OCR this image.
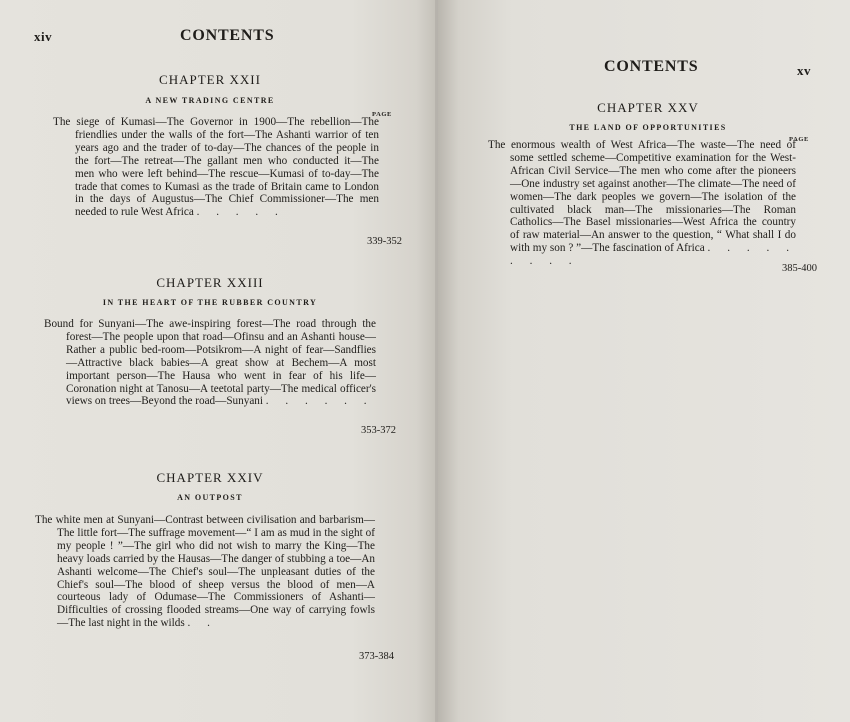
xiv	CONTENTS
CHAPTER XXII
A NEW TRADING CENTRE
PAGE
The siege of Kumasi—The Governor in 1900—The rebellion—The friendlies under the walls of the fort—The Ashanti warrior of ten years ago and the trader of to-day—The chances of the people in the fort—The retreat—The gallant men who conducted it—The men who were left behind—The rescue—Kumasi of to-day—The trade that comes to Kumasi as the trade of Britain came to London in the days of Augustus—The Chief Commissioner—The men needed to rule West Africa . . . . .
339-352
CHAPTER XXIII
IN THE HEART OF THE RUBBER COUNTRY
Bound for Sunyani—The awe-inspiring forest—The road through the forest—The people upon that road—Ofinsu and an Ashanti house—Rather a public bed-room—Potsikrom—A night of fear—Sandflies—Attractive black babies—A great show at Bechem—A most important person—The Hausa who went in fear of his life—Coronation night at Tanosu—A teetotal party—The medical officer's views on trees—Beyond the road—Sunyani . . . . . .
353-372
CHAPTER XXIV
AN OUTPOST
The white men at Sunyani—Contrast between civilisation and barbarism—The little fort—The suffrage movement—“ I am as mud in the sight of my people ! ”—The girl who did not wish to marry the King—The heavy loads carried by the Hausas—The danger of stubbing a toe—An Ashanti welcome—The Chief's soul—The unpleasant duties of the Chief's soul—The blood of sheep versus the blood of men—A courteous lady of Odumase—The Commissioners of Ashanti—Difficulties of crossing flooded streams—One way of carrying fowls—The last night in the wilds . .
373-384
CONTENTS	xv
CHAPTER XXV
THE LAND OF OPPORTUNITIES
PAGE
The enormous wealth of West Africa—The waste—The need of some settled scheme—Competitive examination for the West-African Civil Service—The men who come after the pioneers—One industry set against another—The climate—The need of women—The dark peoples we govern—The isolation of the cultivated black man—The missionaries—The Roman Catholics—The Basel missionaries—West Africa the country of raw material—An answer to the question, “ What shall I do with my son ? ”—The fascination of Africa . . . . . . . . .
385-400
